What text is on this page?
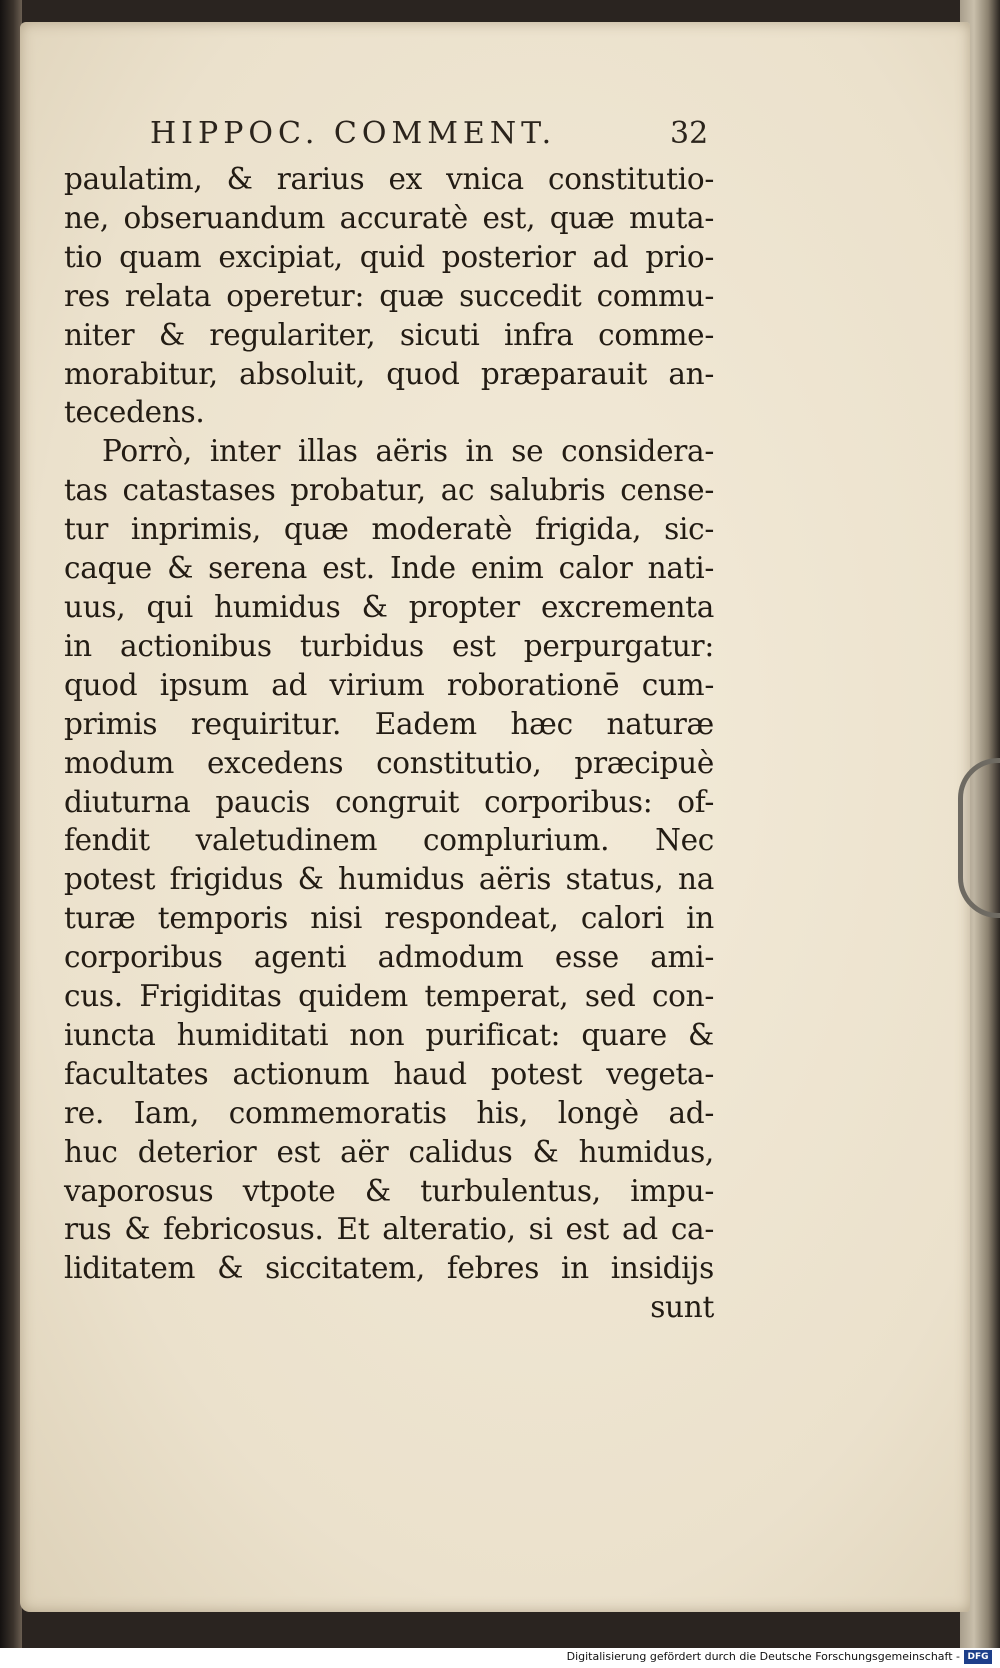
HIPPOC. COMMENT.	32
paulatim, & rarius ex vnica constitutio-
ne, obseruandum accuratè est, quæ muta-
tio quam excipiat, quid posterior ad prio-
res relata operetur: quæ succedit commu-
niter & regulariter, sicuti infra comme-
morabitur, absoluit, quod præparauit an-
tecedens.
Porrò, inter illas aëris in se considera-
tas catastases probatur, ac salubris cense-
tur inprimis, quæ moderatè frigida, sic-
caque & serena est. Inde enim calor nati-
uus, qui humidus & propter excrementa
in actionibus turbidus est perpurgatur:
quod ipsum ad virium roborationē cum-
primis requiritur. Eadem hæc naturæ
modum excedens constitutio, præcipuè
diuturna paucis congruit corporibus: of-
fendit valetudinem complurium. Nec
potest frigidus & humidus aëris status, na
turæ temporis nisi respondeat, calori in
corporibus agenti admodum esse ami-
cus. Frigiditas quidem temperat, sed con-
iuncta humiditati non purificat: quare &
facultates actionum haud potest vegeta-
re. Iam, commemoratis his, longè ad-
huc deterior est aër calidus & humidus,
vaporosus vtpote & turbulentus, impu-
rus & febricosus. Et alteratio, si est ad ca-
liditatem & siccitatem, febres in insidijs
sunt
Digitalisierung gefördert durch die Deutsche Forschungsgemeinschaft - DFG
